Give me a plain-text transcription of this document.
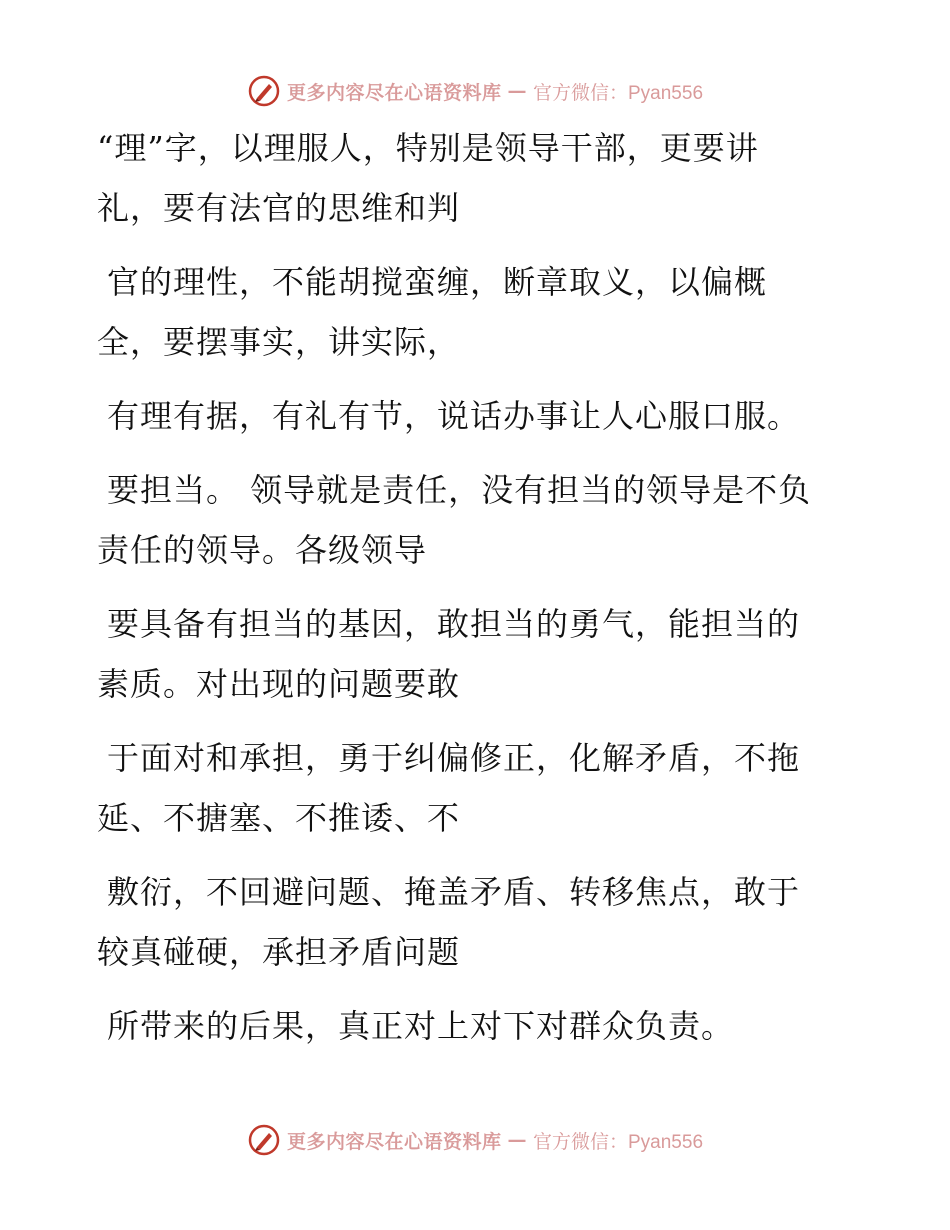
更多内容尽在心语资料库 — 官方微信：Pyan556
“理”字，以理服人，特别是领导干部，更要讲
礼，要有法官的思维和判
官的理性，不能胡搅蛮缠，断章取义，以偏概
全，要摆事实，讲实际，
有理有据，有礼有节，说话办事让人心服口服。
要担当。 领导就是责任，没有担当的领导是不负
责任的领导。各级领导
要具备有担当的基因，敢担当的勇气，能担当的
素质。对出现的问题要敢
于面对和承担，勇于纠偏修正，化解矛盾，不拖
延、不搪塞、不推诿、不
敷衍，不回避问题、掩盖矛盾、转移焦点，敢于
较真碰硬，承担矛盾问题
所带来的后果，真正对上对下对群众负责。
更多内容尽在心语资料库 — 官方微信：Pyan556
